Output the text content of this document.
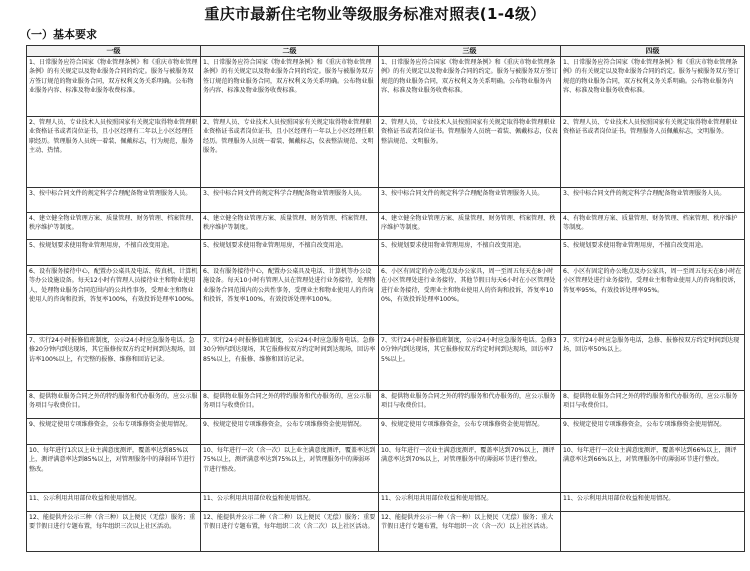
重庆市最新住宅物业等级服务标准对照表(1-4级）
（一）基本要求
一级	二级	三级	四级

1、日常服务应符合国家《物业管理条例》和《重庆市物业管理条例》的有关规定以及物业服务合同的约定。服务与被服务双方签订规范的物业服务合同，双方权利义务关系明确。公布物业服务内容、标准及物业服务收费标准。	1、日常服务应符合国家《物业管理条例》和《重庆市物业管理条例》的有关规定以及物业服务合同的约定。服务与被服务双方签订规范的物业服务合同，双方权利义务关系明确。公布物业服务内容、标准及物业服务收费标准。	1、日常服务应符合国家《物业管理条例》和《重庆市物业管理条例》的有关规定以及物业服务合同的约定。服务与被服务双方签订规范的物业服务合同，双方权利义务关系明确。公布物业服务内容、标准及物业服务收费标准。	1、日常服务应符合国家《物业管理条例》和《重庆市物业管理条例》的有关规定以及物业服务合同的约定。服务与被服务双方签订规范的物业服务合同，双方权利义务关系明确。公布物业服务内容、标准及物业服务收费标准。

2、管理人员、专业技术人员按照国家有关规定取得物业管理职业资格证书或者岗位证书，且小区经理有二年以上小区经理任职经历。管理服务人员统一着装、佩戴标志，行为规范，服务主动、热情。	2、管理人员、专业技术人员按照国家有关规定取得物业管理职业资格证书或者岗位证书，且小区经理有一年以上小区经理任职经历。管理服务人员统一着装、佩戴标志，仪表整洁规范、文明服务。	2、管理人员、专业技术人员按照国家有关规定取得物业管理职业资格证书或者岗位证书。管理服务人员统一着装、佩戴标志，仪表整洁规范、文明服务。	2、管理人员、专业技术人员按照国家有关规定取得物业管理职业资格证书或者岗位证书。管理服务人员佩戴标志，文明服务。

3、按中标合同文件的规定科学合理配备物业管理服务人员。	3、按中标合同文件的规定科学合理配备物业管理服务人员。	3、按中标合同文件的规定科学合理配备物业管理服务人员。	3、按中标合同文件的规定科学合理配备物业管理服务人员。

4、建立健全物业管理方案、质量管理、财务管理、档案管理、秩序维护等制度。	4、建立健全物业管理方案、质量管理、财务管理、档案管理、秩序维护等制度。	4、建立健全物业管理方案、质量管理、财务管理、档案管理、秩序维护等制度。	4、有物业管理方案、质量管理、财务管理、档案管理、秩序维护等制度。

5、按规划要求使用物业管理用房，不擅自改变用途。	5、按规划要求使用物业管理用房，不擅自改变用途。	5、按规划要求使用物业管理用房，不擅自改变用途。	5、按规划要求使用物业管理用房，不擅自改变用途。

6、设有服务接待中心，配置办公桌具及电话、传真机、计算机等办公设施设备。每天12小时有管理人员接待业主和物业使用人，处理物业服务合同范围内的公共性事务，受理业主和物业使用人的咨询和投诉，答复率100%，有效投诉处理率100%。	6、设有服务接待中心，配置办公桌具及电话、计算机等办公设施设备。每天10小时有管理人员在管理处进行业务接待，处理物业服务合同范围内的公共性事务，受理业主和物业使用人的咨询和投诉，答复率100%，有效投诉处理率100%。	6、小区有固定的办公地点及办公家具，周一至周五每天在8小时在小区管理处进行业务接待，其他节假日每天6小时在小区管理处进行业务接待，受理业主和物业使用人的咨询和投诉，答复率100%，有效投诉处理率100%。	6、小区有固定的办公地点及办公家具，周一至周五每天在8小时在小区管理处进行业务接待，受理业主和物业使用人的咨询和投诉，答复率95%，有效投诉处理率95%。

7、实行24小时报修值班制度，公示24小时应急服务电话。急修20分钟内到达现场，其它报修按双方约定时间到达现场，回访率100%以上，有完整的报修、维修和回访记录。	7、实行24小时报修值班制度，公示24小时应急服务电话。急修30分钟内到达现场，其它报修按双方约定时间到达现场，回访率85%以上，有报修、维修和回访记录。	7、实行24小时报修值班制度，公示24小时应急服务电话。急修30分钟内到达现场，其它报修按双方约定时间到达现场，回访率75%以上。	7、实行24小时应急服务电话，急修、报修按双方约定时间到达现场，回访率50%以上。

8、提供物业服务合同之外的特约服务和代办服务的，应公示服务项目与收费价目。	8、提供物业服务合同之外的特约服务和代办服务的，应公示服务项目与收费价目。	8、提供物业服务合同之外的特约服务和代办服务的，应公示服务项目与收费价目。	8、提供物业服务合同之外的特约服务和代办服务的，应公示服务项目与收费价目。

9、按规定使用专项维修资金，公布专项维修资金使用情况。	9、按规定使用专项维修资金，公布专项维修资金使用情况。	9、按规定使用专项维修资金，公布专项维修资金使用情况。	9、按规定使用专项维修资金，公布专项维修资金使用情况。

10、每年进行1次以上业主满意度测评，覆盖率达到85%以上，测评满意率达到85%以上，对管理服务中的薄弱环节进行整改。	10、每年进行一次（含一次）以上业主满意度测评，覆盖率达到75%以上，测评满意率达到75%以上，对管理服务中的薄弱环节进行整改。	10、每年进行一次业主满意度测评，覆盖率达到70%以上，测评满意率达到70%以上，对管理服务中的薄弱环节进行整改。	10、每年进行一次业主满意度测评，覆盖率达到66%以上，测评满意率达到66%以上，对管理服务中的薄弱环节进行整改。

11、公示利用共用部位收益和使用情况。	11、公示利用共用部位收益和使用情况。	11、公示利用共用部位收益和使用情况。	11、公示利用共用部位收益和使用情况。

12、能提供并公示三种（含三种）以上便民（无偿）服务；重要节假日进行专题布置，每年组织三次以上社区活动。	12、能提供并公示二种（含二种）以上便民（无偿）服务；重要节假日进行专题布置，每年组织二次（含二次）以上社区活动。	12、能提供并公示一种（含一种）以上便民（无偿）服务；重大节假日进行专题布置，每年组织一次（含一次）以上社区活动。	
